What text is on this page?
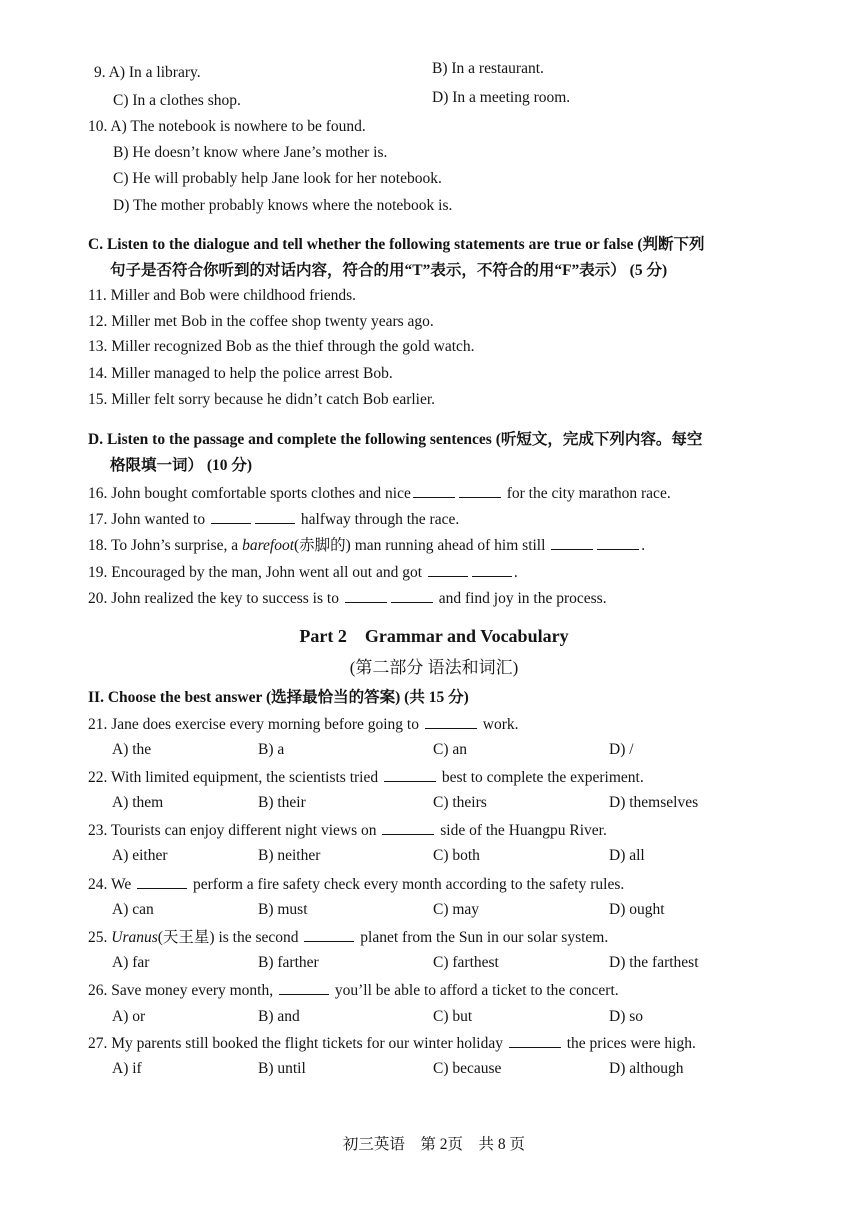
9. A) In a library.	B) In a restaurant.
C) In a clothes shop.	D) In a meeting room.
10. A) The notebook is nowhere to be found.
B) He doesn’t know where Jane’s mother is.
C) He will probably help Jane look for her notebook.
D) The mother probably knows where the notebook is.
C. Listen to the dialogue and tell whether the following statements are true or false (判断下列
句子是否符合你听到的对话内容，符合的用“T”表示，不符合的用“F”表示） (5 分)
11. Miller and Bob were childhood friends.
12. Miller met Bob in the coffee shop twenty years ago.
13. Miller recognized Bob as the thief through the gold watch.
14. Miller managed to help the police arrest Bob.
15. Miller felt sorry because he didn’t catch Bob earlier.
D. Listen to the passage and complete the following sentences (听短文，完成下列内容。每空
格限填一词） (10 分)
16. John bought comfortable sports clothes and nice	for the city marathon race.
17. John wanted to	halfway through the race.
18. To John’s surprise, a barefoot(赤脚的) man running ahead of him still	.
19. Encouraged by the man, John went all out and got	.
20. John realized the key to success is to	and find joy in the process.
Part 2    Grammar and Vocabulary
(第二部分 语法和词汇)
II. Choose the best answer (选择最恰当的答案) (共 15 分)
21. Jane does exercise every morning before going to	work.
A) the	B) a	C) an	D) /
22. With limited equipment, the scientists tried	best to complete the experiment.
A) them	B) their	C) theirs	D) themselves
23. Tourists can enjoy different night views on	side of the Huangpu River.
A) either	B) neither	C) both	D) all
24. We	perform a fire safety check every month according to the safety rules.
A) can	B) must	C) may	D) ought
25. Uranus(天王星) is the second	planet from the Sun in our solar system.
A) far	B) farther	C) farthest	D) the farthest
26. Save money every month,	you’ll be able to afford a ticket to the concert.
A) or	B) and	C) but	D) so
27. My parents still booked the flight tickets for our winter holiday	the prices were high.
A) if	B) until	C) because	D) although
初三英语    第 2页    共 8 页
